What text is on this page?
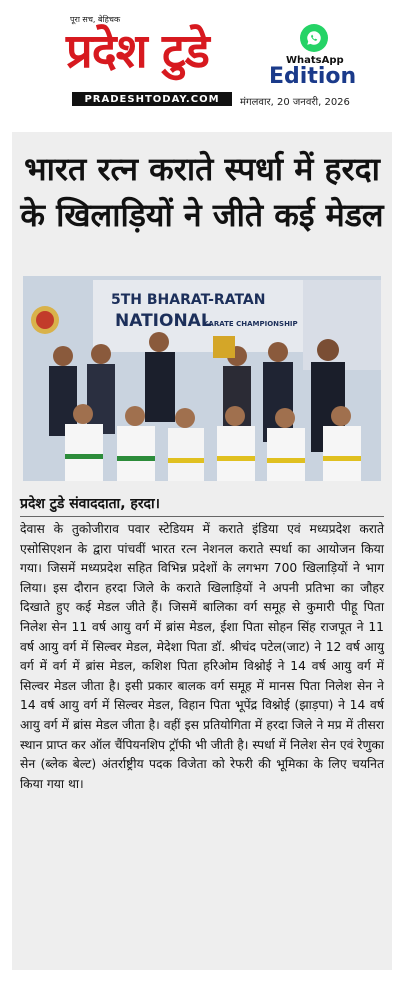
पूरा सच, बेहिचक
प्रदेश टुडे	WhatsApp
Edition
PRADESHTODAY.COM	मंगलवार, 20 जनवरी, 2026
भारत रत्न कराते स्पर्धा में हरदा
के खिलाड़ियों ने जीते कई मेडल
5TH BHARAT-RATAN
NATIONAL
KARATE CHAMPIONSHIP
प्रदेश टुडे संवाददाता, हरदा।
देवास के तुकोजीराव पवार स्टेडियम में कराते इंडिया एवं मध्यप्रदेश कराते एसोसिएशन के द्वारा पांचवीं भारत रत्न नेशनल कराते स्पर्धा का आयोजन किया गया। जिसमें मध्यप्रदेश सहित विभिन्न प्रदेशों के लगभग 700 खिलाड़ियों ने भाग लिया। इस दौरान हरदा जिले के कराते खिलाड़ियों ने अपनी प्रतिभा का जौहर दिखाते हुए कई मेडल जीते हैं। जिसमें बालिका वर्ग समूह से कुमारी पीहू पिता निलेश सेन 11 वर्ष आयु वर्ग में ब्रांस मेडल, ईशा पिता सोहन सिंह राजपूत ने 11 वर्ष आयु वर्ग में सिल्वर मेडल, मेदेशा पिता डॉ. श्रीचंद पटेल(जाट) ने 12 वर्ष आयु वर्ग में वर्ग में ब्रांस मेडल, कशिश पिता हरिओम विश्नोई ने 14 वर्ष आयु वर्ग में सिल्वर मेडल जीता है। इसी प्रकार बालक वर्ग समूह में मानस पिता निलेश सेन ने 14 वर्ष आयु वर्ग में सिल्वर मेडल, विहान पिता भूपेंद्र विश्नोई (झाड़पा) ने 14 वर्ष आयु वर्ग में ब्रांस मेडल जीता है। वहीं इस प्रतियोगिता में हरदा जिले ने मप्र में तीसरा स्थान प्राप्त कर ऑल चैंपियनशिप ट्रॉफी भी जीती है। स्पर्धा में निलेश सेन एवं रेणुका सेन (ब्लेक बेल्ट) अंतर्राष्ट्रीय पदक विजेता को रेफरी की भूमिका के लिए चयनित किया गया था।
